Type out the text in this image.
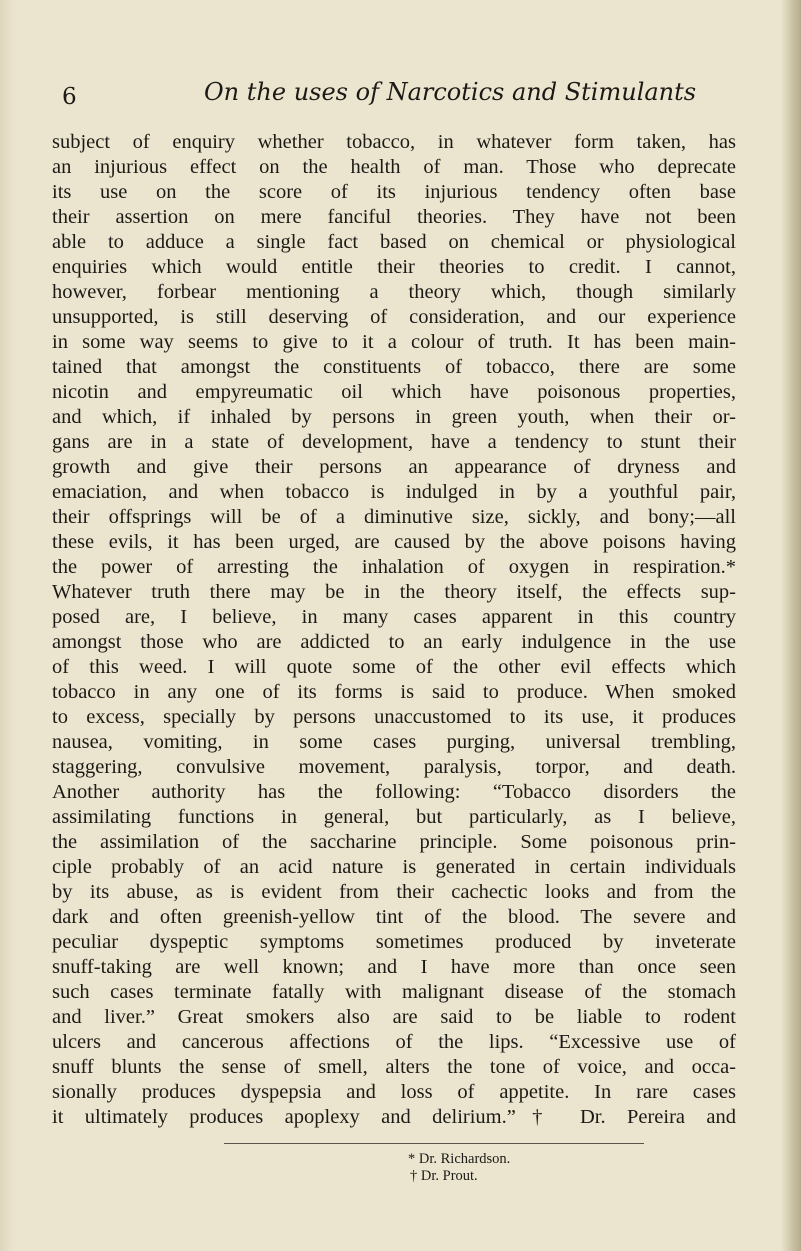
6	On the uses of Narcotics and Stimulants
subject of enquiry whether tobacco, in whatever form taken, has
an injurious effect on the health of man. Those who deprecate
its use on the score of its injurious tendency often base
their assertion on mere fanciful theories. They have not been
able to adduce a single fact based on chemical or physiological
enquiries which would entitle their theories to credit. I cannot,
however, forbear mentioning a theory which, though similarly
unsupported, is still deserving of consideration, and our experience
in some way seems to give to it a colour of truth. It has been main-
tained that amongst the constituents of tobacco, there are some
nicotin and empyreumatic oil which have poisonous properties,
and which, if inhaled by persons in green youth, when their or-
gans are in a state of development, have a tendency to stunt their
growth and give their persons an appearance of dryness and
emaciation, and when tobacco is indulged in by a youthful pair,
their offsprings will be of a diminutive size, sickly, and bony;—all
these evils, it has been urged, are caused by the above poisons having
the power of arresting the inhalation of oxygen in respiration.*
Whatever truth there may be in the theory itself, the effects sup-
posed are, I believe, in many cases apparent in this country
amongst those who are addicted to an early indulgence in the use
of this weed. I will quote some of the other evil effects which
tobacco in any one of its forms is said to produce. When smoked
to excess, specially by persons unaccustomed to its use, it produces
nausea, vomiting, in some cases purging, universal trembling,
staggering, convulsive movement, paralysis, torpor, and death.
Another authority has the following: “Tobacco disorders the
assimilating functions in general, but particularly, as I believe,
the assimilation of the saccharine principle. Some poisonous prin-
ciple probably of an acid nature is generated in certain individuals
by its abuse, as is evident from their cachectic looks and from the
dark and often greenish-yellow tint of the blood. The severe and
peculiar dyspeptic symptoms sometimes produced by inveterate
snuff-taking are well known; and I have more than once seen
such cases terminate fatally with malignant disease of the stomach
and liver.” Great smokers also are said to be liable to rodent
ulcers and cancerous affections of the lips. “Excessive use of
snuff blunts the sense of smell, alters the tone of voice, and occa-
sionally produces dyspepsia and loss of appetite. In rare cases
it ultimately produces apoplexy and delirium.”† Dr. Pereira and
* Dr. Richardson.
† Dr. Prout.
